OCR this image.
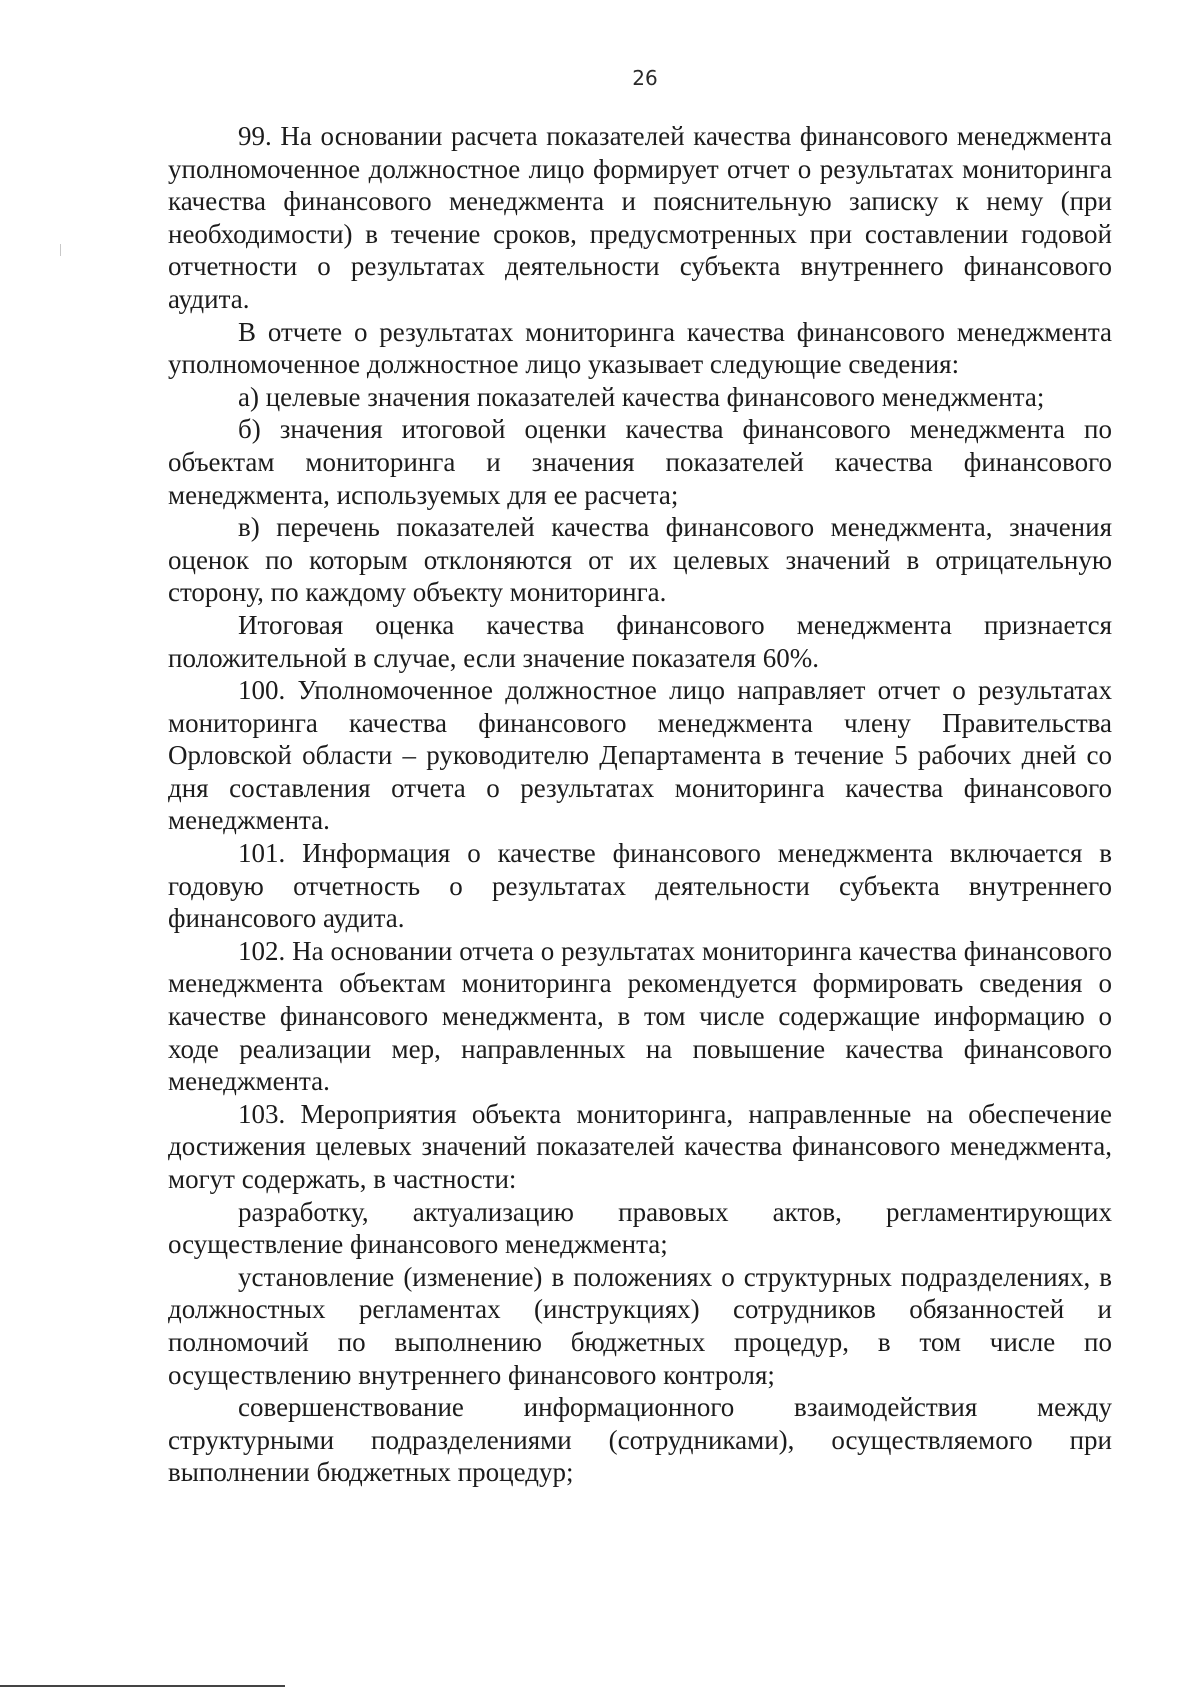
26

99. На основании расчета показателей качества финансового менеджмента уполномоченное должностное лицо формирует отчет о результатах мониторинга качества финансового менеджмента и пояснительную записку к нему (при необходимости) в течение сроков, предусмотренных при составлении годовой отчетности о результатах деятельности субъекта внутреннего финансового аудита.

В отчете о результатах мониторинга качества финансового менеджмента уполномоченное должностное лицо указывает следующие сведения:

а) целевые значения показателей качества финансового менеджмента;

б) значения итоговой оценки качества финансового менеджмента по объектам мониторинга и значения показателей качества финансового менеджмента, используемых для ее расчета;

в) перечень показателей качества финансового менеджмента, значения оценок по которым отклоняются от их целевых значений в отрицательную сторону, по каждому объекту мониторинга.

Итоговая оценка качества финансового менеджмента признается положительной в случае, если значение показателя 60%.

100. Уполномоченное должностное лицо направляет отчет о результатах мониторинга качества финансового менеджмента члену Правительства Орловской области – руководителю Департамента в течение 5 рабочих дней со дня составления отчета о результатах мониторинга качества финансового менеджмента.

101. Информация о качестве финансового менеджмента включается в годовую отчетность о результатах деятельности субъекта внутреннего финансового аудита.

102. На основании отчета о результатах мониторинга качества финансового менеджмента объектам мониторинга рекомендуется формировать сведения о качестве финансового менеджмента, в том числе содержащие информацию о ходе реализации мер, направленных на повышение качества финансового менеджмента.

103. Мероприятия объекта мониторинга, направленные на обеспечение достижения целевых значений показателей качества финансового менеджмента, могут содержать, в частности:

разработку, актуализацию правовых актов, регламентирующих осуществление финансового менеджмента;

установление (изменение) в положениях о структурных подразделениях, в должностных регламентах (инструкциях) сотрудников обязанностей и полномочий по выполнению бюджетных процедур, в том числе по осуществлению внутреннего финансового контроля;

совершенствование информационного взаимодействия между структурными подразделениями (сотрудниками), осуществляемого при выполнении бюджетных процедур;
